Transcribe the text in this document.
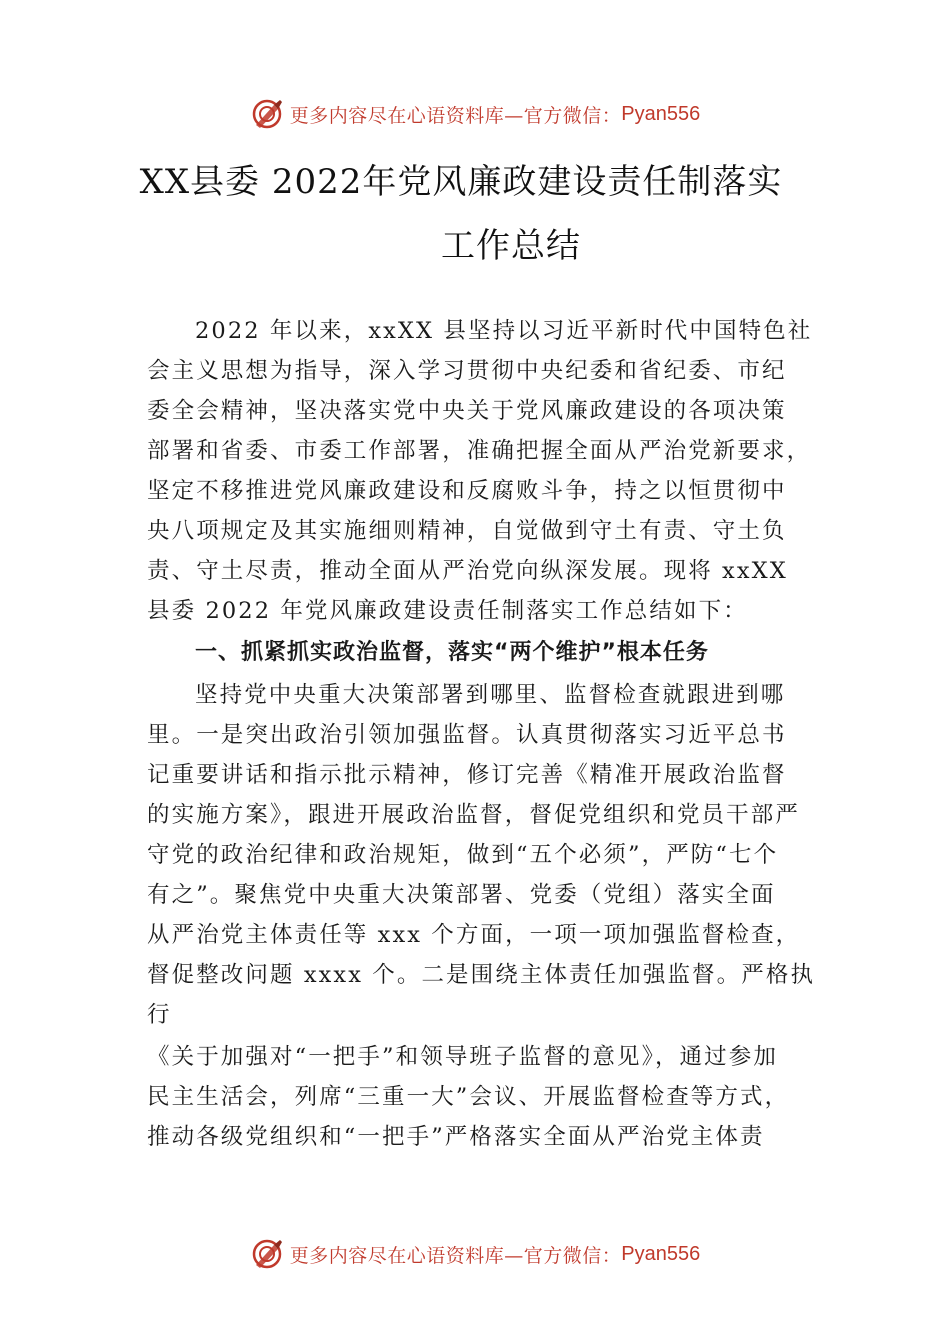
更多内容尽在心语资料库—官方微信： Pyan556
XX县委 2022年党风廉政建设责任制落实
工作总结
2022 年以来，xxXX 县坚持以习近平新时代中国特色社
会主义思想为指导，深入学习贯彻中央纪委和省纪委、市纪
委全会精神，坚决落实党中央关于党风廉政建设的各项决策
部署和省委、市委工作部署，准确把握全面从严治党新要求，
坚定不移推进党风廉政建设和反腐败斗争，持之以恒贯彻中
央八项规定及其实施细则精神，自觉做到守土有责、守土负
责、守土尽责，推动全面从严治党向纵深发展。现将 xxXX
县委 2022 年党风廉政建设责任制落实工作总结如下：
一、抓紧抓实政治监督，落实“两个维护”根本任务
坚持党中央重大决策部署到哪里、监督检查就跟进到哪
里。一是突出政治引领加强监督。认真贯彻落实习近平总书
记重要讲话和指示批示精神，修订完善《精准开展政治监督
的实施方案》，跟进开展政治监督，督促党组织和党员干部严
守党的政治纪律和政治规矩，做到“五个必须”，严防“七个
有之”。聚焦党中央重大决策部署、党委（党组）落实全面
从严治党主体责任等 xxx 个方面，一项一项加强监督检查，
督促整改问题 xxxx 个。二是围绕主体责任加强监督。严格执
行
《关于加强对“一把手”和领导班子监督的意见》，通过参加
民主生活会，列席“三重一大”会议、开展监督检查等方式，
推动各级党组织和“一把手”严格落实全面从严治党主体责
更多内容尽在心语资料库—官方微信： Pyan556
